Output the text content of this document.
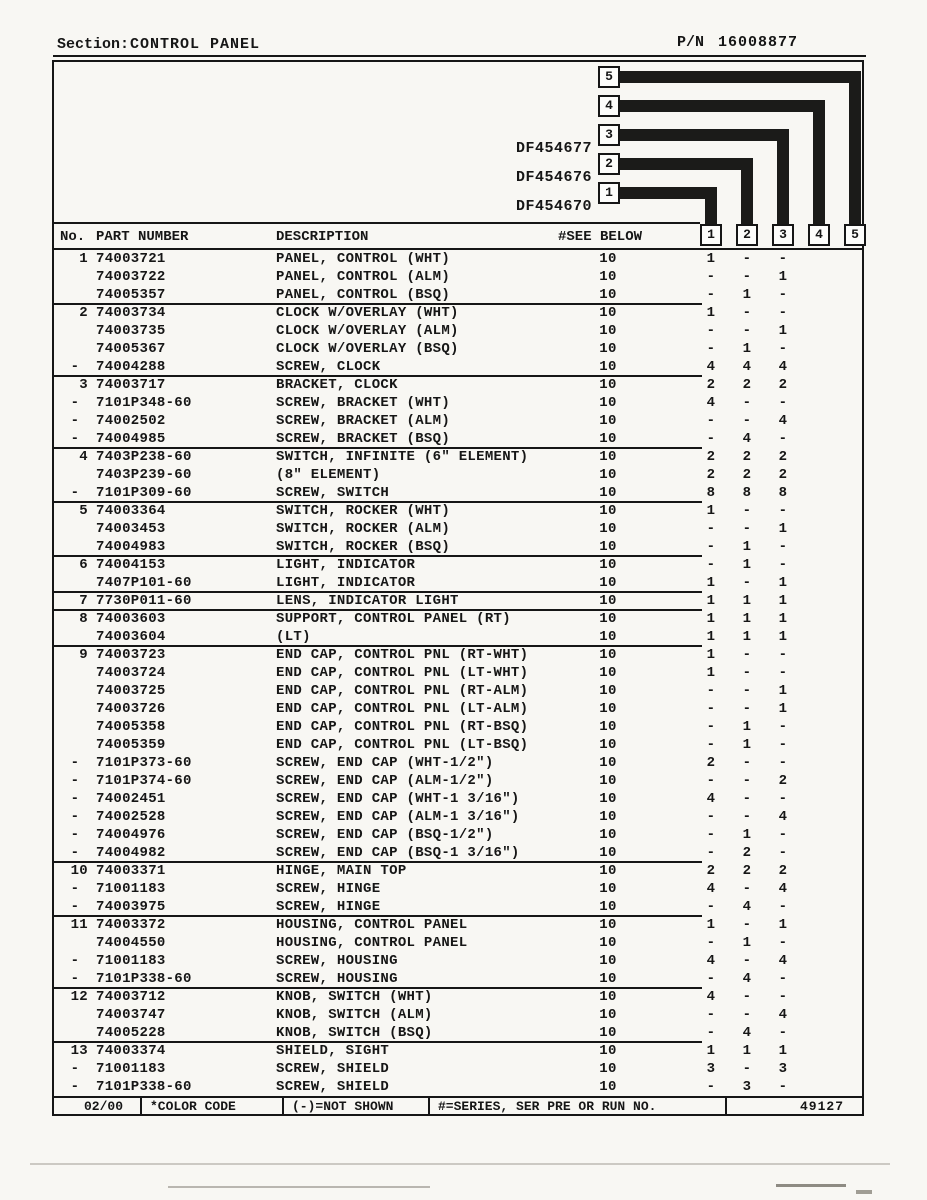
Section: CONTROL PANEL	P/N 16008877
5
4
3
2
1
DF454677
DF454676
DF454670
No. PART NUMBER	DESCRIPTION	#SEE BELOW	1	2	3	4	5
1 74003721	PANEL, CONTROL (WHT)	10	1	-	-
74003722	PANEL, CONTROL (ALM)	10	-	-	1
74005357	PANEL, CONTROL (BSQ)	10	-	1	-
2 74003734	CLOCK W/OVERLAY (WHT)	10	1	-	-
74003735	CLOCK W/OVERLAY (ALM)	10	-	-	1
74005367	CLOCK W/OVERLAY (BSQ)	10	-	1	-
- 74004288	SCREW, CLOCK	10	4	4	4
3 74003717	BRACKET, CLOCK	10	2	2	2
- 7101P348-60	SCREW, BRACKET (WHT)	10	4	-	-
- 74002502	SCREW, BRACKET (ALM)	10	-	-	4
- 74004985	SCREW, BRACKET (BSQ)	10	-	4	-
4 7403P238-60	SWITCH, INFINITE (6" ELEMENT)	10	2	2	2
7403P239-60	(8" ELEMENT)	10	2	2	2
- 7101P309-60	SCREW, SWITCH	10	8	8	8
5 74003364	SWITCH, ROCKER (WHT)	10	1	-	-
74003453	SWITCH, ROCKER (ALM)	10	-	-	1
74004983	SWITCH, ROCKER (BSQ)	10	-	1	-
6 74004153	LIGHT, INDICATOR	10	-	1	-
7407P101-60	LIGHT, INDICATOR	10	1	-	1
7 7730P011-60	LENS, INDICATOR LIGHT	10	1	1	1
8 74003603	SUPPORT, CONTROL PANEL (RT)	10	1	1	1
74003604	(LT)	10	1	1	1
9 74003723	END CAP, CONTROL PNL (RT-WHT)	10	1	-	-
74003724	END CAP, CONTROL PNL (LT-WHT)	10	1	-	-
74003725	END CAP, CONTROL PNL (RT-ALM)	10	-	-	1
74003726	END CAP, CONTROL PNL (LT-ALM)	10	-	-	1
74005358	END CAP, CONTROL PNL (RT-BSQ)	10	-	1	-
74005359	END CAP, CONTROL PNL (LT-BSQ)	10	-	1	-
- 7101P373-60	SCREW, END CAP (WHT-1/2")	10	2	-	-
- 7101P374-60	SCREW, END CAP (ALM-1/2")	10	-	-	2
- 74002451	SCREW, END CAP (WHT-1 3/16")	10	4	-	-
- 74002528	SCREW, END CAP (ALM-1 3/16")	10	-	-	4
- 74004976	SCREW, END CAP (BSQ-1/2")	10	-	1	-
- 74004982	SCREW, END CAP (BSQ-1 3/16")	10	-	2	-
10 74003371	HINGE, MAIN TOP	10	2	2	2
- 71001183	SCREW, HINGE	10	4	-	4
- 74003975	SCREW, HINGE	10	-	4	-
11 74003372	HOUSING, CONTROL PANEL	10	1	-	1
74004550	HOUSING, CONTROL PANEL	10	-	1	-
- 71001183	SCREW, HOUSING	10	4	-	4
- 7101P338-60	SCREW, HOUSING	10	-	4	-
12 74003712	KNOB, SWITCH (WHT)	10	4	-	-
74003747	KNOB, SWITCH (ALM)	10	-	-	4
74005228	KNOB, SWITCH (BSQ)	10	-	4	-
13 74003374	SHIELD, SIGHT	10	1	1	1
- 71001183	SCREW, SHIELD	10	3	-	3
- 7101P338-60	SCREW, SHIELD	10	-	3	-
02/00 *COLOR CODE	(-)=NOT SHOWN	#=SERIES, SER PRE OR RUN NO.	49127
